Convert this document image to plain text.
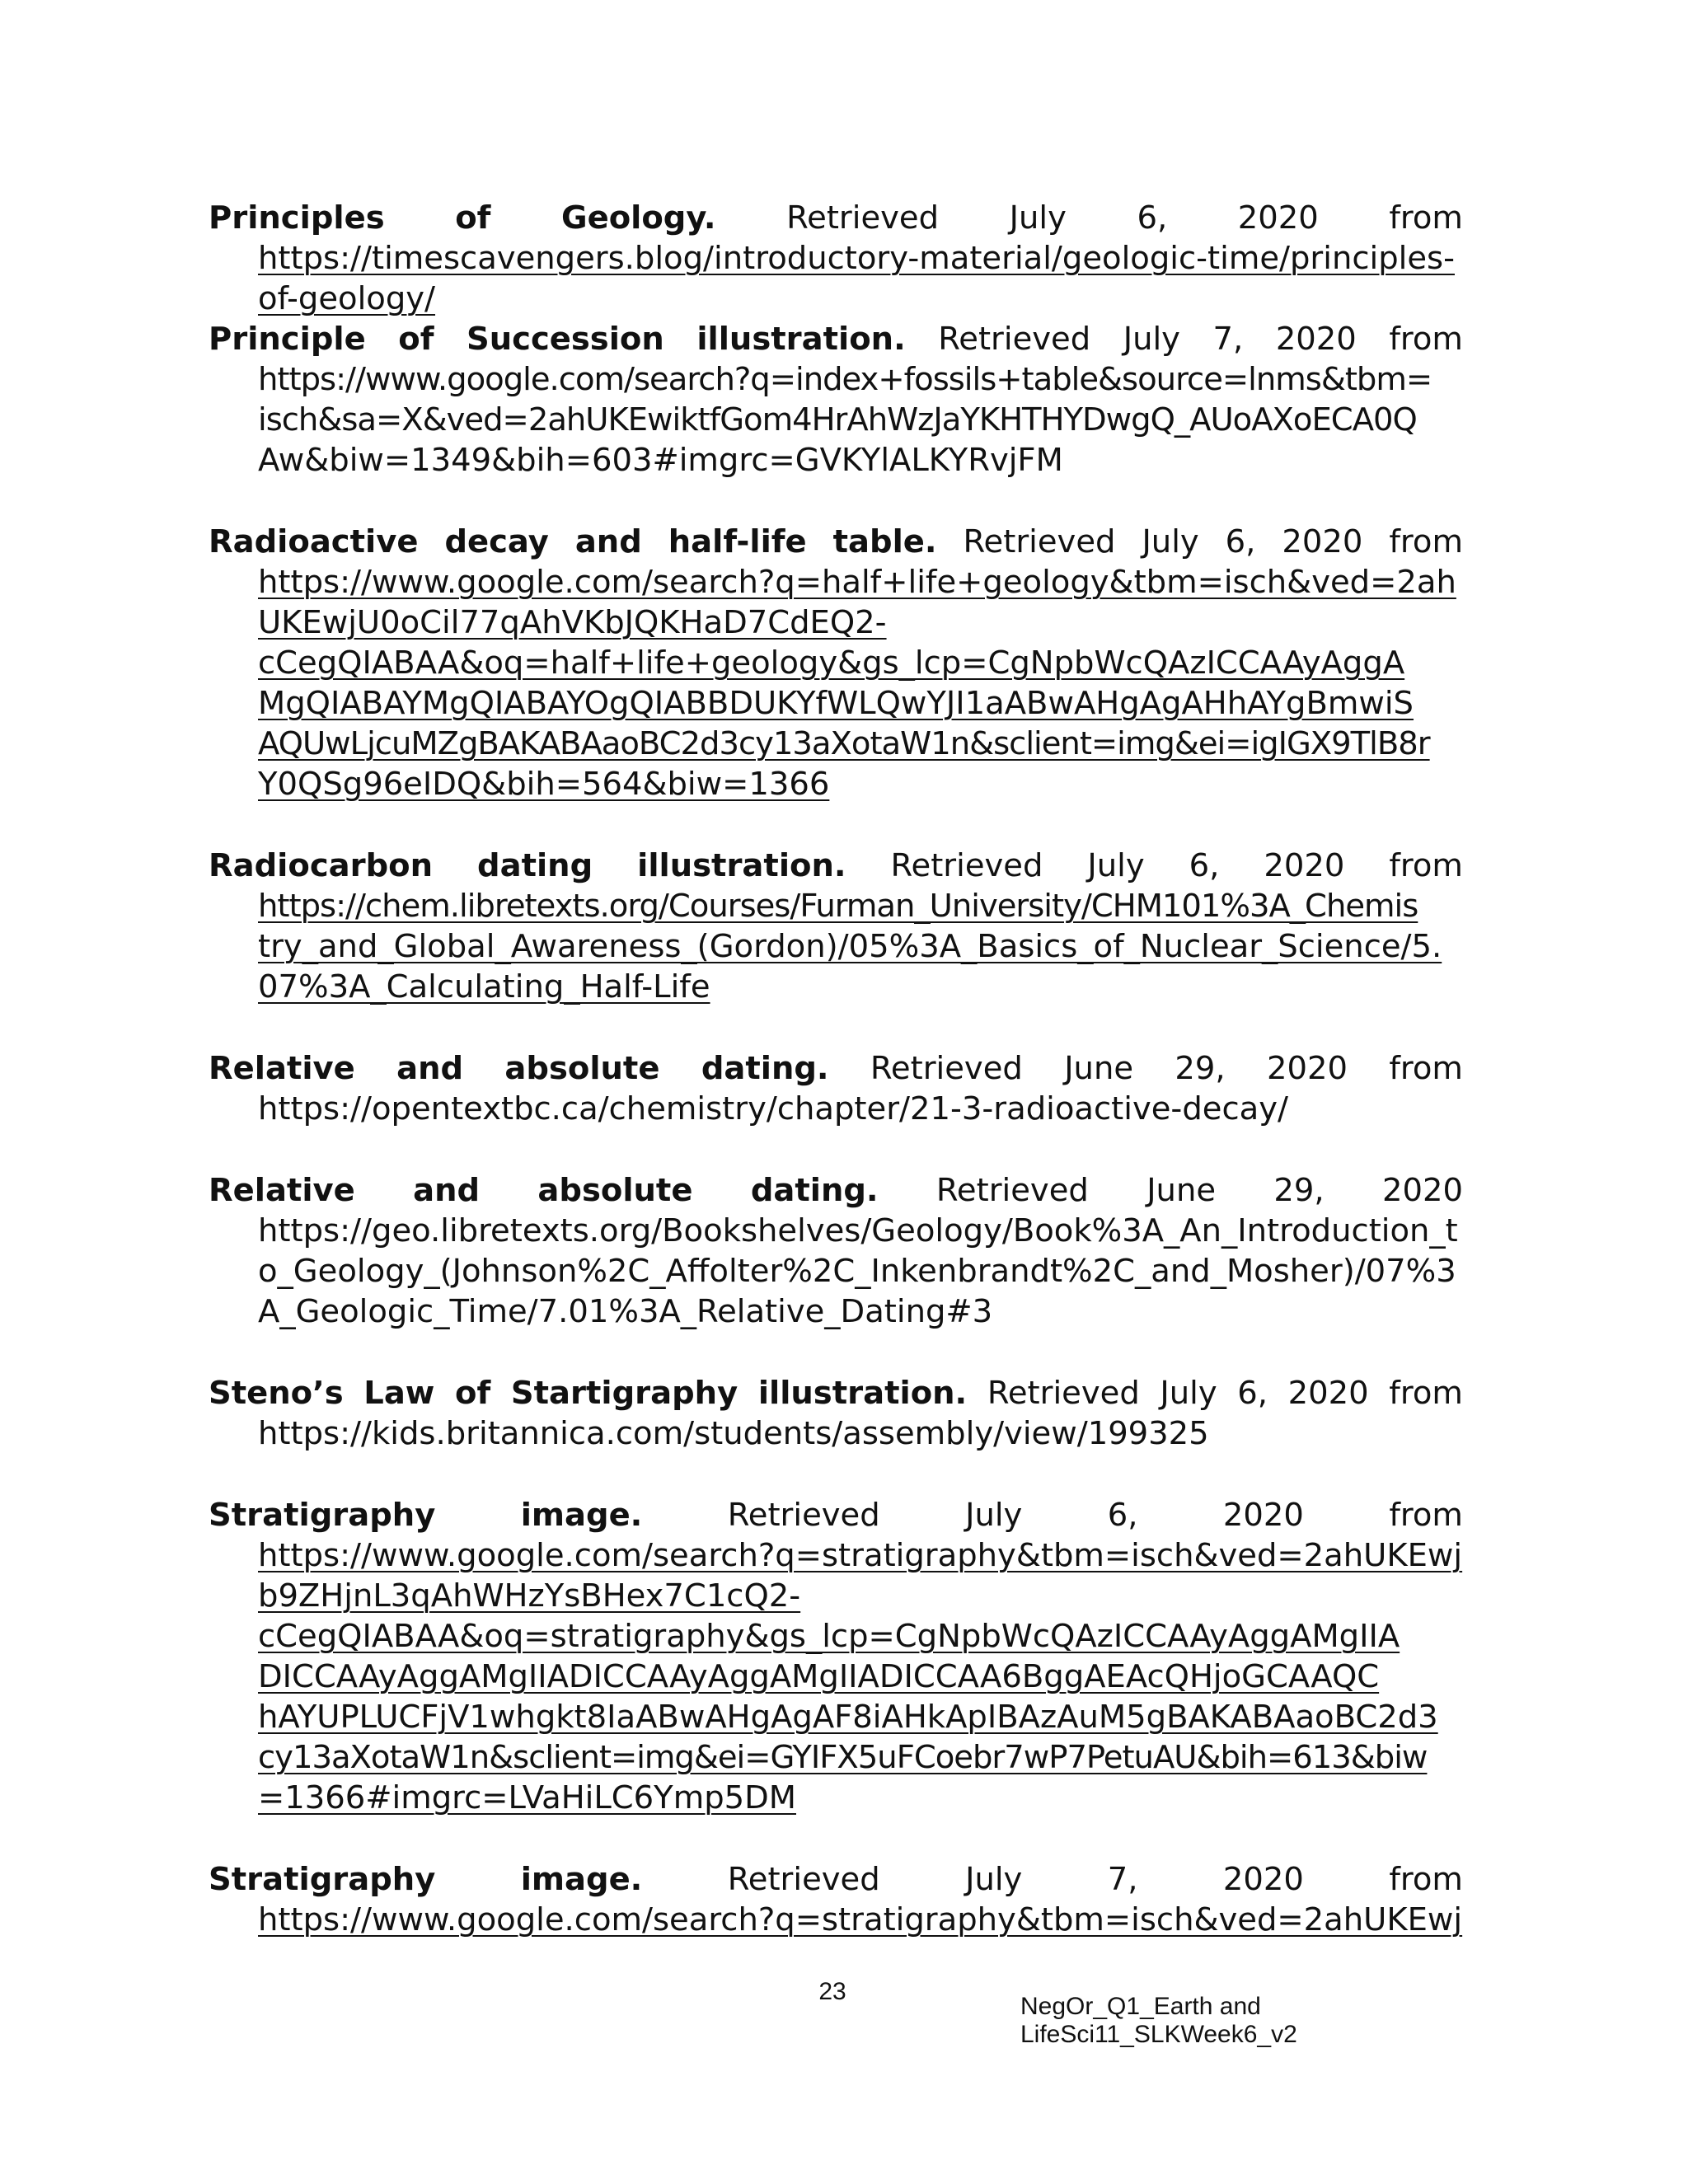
Principles of Geology. Retrieved July 6, 2020 from
https://timescavengers.blog/introductory-material/geologic-time/principles-
of-geology/
Principle of Succession illustration. Retrieved July 7, 2020 from
https://www.google.com/search?q=index+fossils+table&source=lnms&tbm=
isch&sa=X&ved=2ahUKEwiktfGom4HrAhWzJaYKHTHYDwgQ_AUoAXoECA0Q
Aw&biw=1349&bih=603#imgrc=GVKYlALKYRvjFM
Radioactive decay and half-life table. Retrieved July 6, 2020 from
https://www.google.com/search?q=half+life+geology&tbm=isch&ved=2ah
UKEwjU0oCil77qAhVKbJQKHaD7CdEQ2-
cCegQIABAA&oq=half+life+geology&gs_lcp=CgNpbWcQAzICCAAyAggA
MgQIABAYMgQIABAYOgQIABBDUKYfWLQwYJI1aABwAHgAgAHhAYgBmwiS
AQUwLjcuMZgBAKABAaoBC2d3cy13aXotaW1n&sclient=img&ei=igIGX9TlB8r
Y0QSg96eIDQ&bih=564&biw=1366
Radiocarbon dating illustration. Retrieved July 6, 2020 from
https://chem.libretexts.org/Courses/Furman_University/CHM101%3A_Chemis
try_and_Global_Awareness_(Gordon)/05%3A_Basics_of_Nuclear_Science/5.
07%3A_Calculating_Half-Life
Relative and absolute dating. Retrieved June 29, 2020 from
https://opentextbc.ca/chemistry/chapter/21-3-radioactive-decay/
Relative and absolute dating. Retrieved June 29, 2020
https://geo.libretexts.org/Bookshelves/Geology/Book%3A_An_Introduction_t
o_Geology_(Johnson%2C_Affolter%2C_Inkenbrandt%2C_and_Mosher)/07%3
A_Geologic_Time/7.01%3A_Relative_Dating#3
Steno’s Law of Startigraphy illustration. Retrieved July 6, 2020 from
https://kids.britannica.com/students/assembly/view/199325
Stratigraphy	image.	Retrieved	July	6,	2020	from
https://www.google.com/search?q=stratigraphy&tbm=isch&ved=2ahUKEwj
b9ZHjnL3qAhWHzYsBHex7C1cQ2-
cCegQIABAA&oq=stratigraphy&gs_lcp=CgNpbWcQAzICCAAyAggAMgIIA
DICCAAyAggAMgIIADICCAAyAggAMgIIADICCAA6BggAEAcQHjoGCAAQC
hAYUPLUCFjV1whgkt8IaABwAHgAgAF8iAHkApIBAzAuM5gBAKABAaoBC2d3
cy13aXotaW1n&sclient=img&ei=GYIFX5uFCoebr7wP7PetuAU&bih=613&biw
=1366#imgrc=LVaHiLC6Ymp5DM
Stratigraphy	image.	Retrieved	July	7,	2020	from
https://www.google.com/search?q=stratigraphy&tbm=isch&ved=2ahUKEwj
23
NegOr_Q1_Earth and LifeSci11_SLKWeek6_v2
